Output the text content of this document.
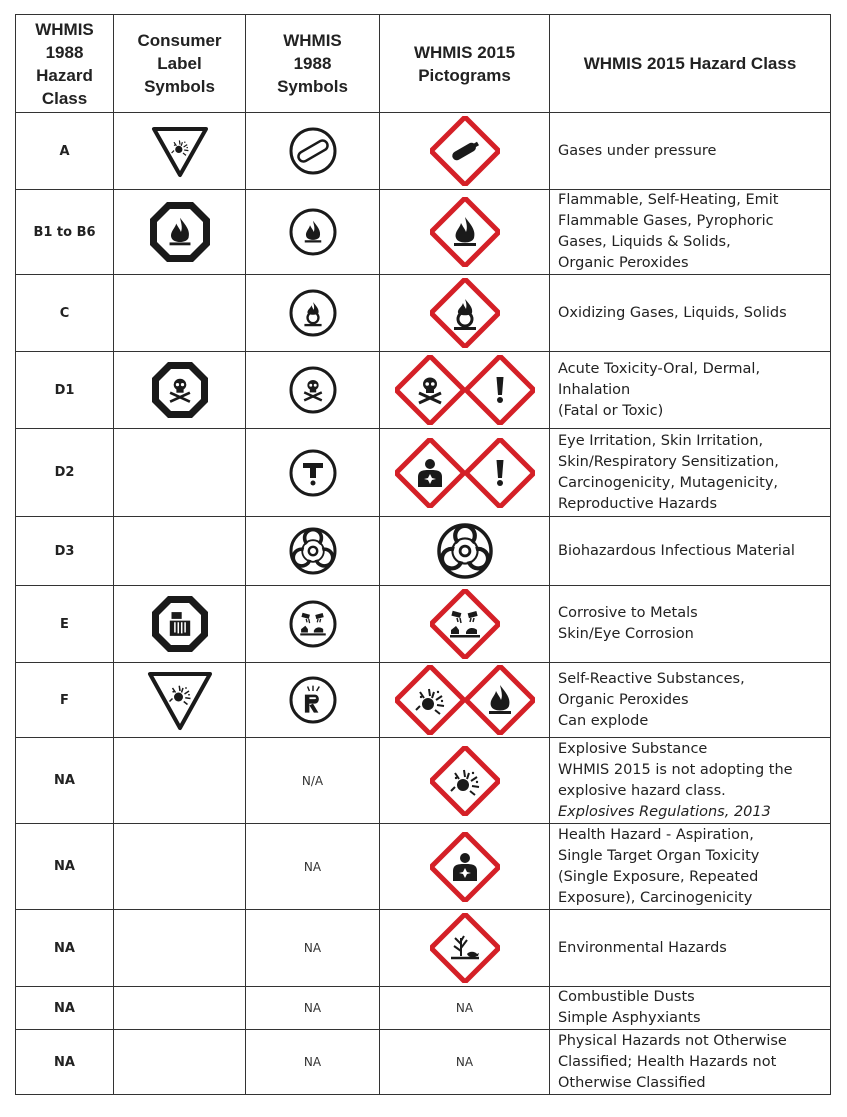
WHMIS
1988
Hazard
Class	Consumer
Label
Symbols	WHMIS
1988
Symbols	WHMIS 2015
Pictograms	WHMIS 2015 Hazard Class

A				Gases under pressure

B1 to B6				Flammable, Self-Heating, Emit
Flammable Gases, Pyrophoric
Gases, Liquids & Solids,
Organic Peroxides

C				Oxidizing Gases, Liquids, Solids

D1				Acute Toxicity-Oral, Dermal,
Inhalation
(Fatal or Toxic)

D2				Eye Irritation, Skin Irritation,
Skin/Respiratory Sensitization,
Carcinogenicity, Mutagenicity,
Reproductive Hazards

D3				Biohazardous Infectious Material

E				Corrosive to Metals
Skin/Eye Corrosion

F				Self-Reactive Substances,
Organic Peroxides
Can explode

NA		N/A		Explosive Substance
WHMIS 2015 is not adopting the
explosive hazard class.
Explosives Regulations, 2013

NA		NA		Health Hazard - Aspiration,
Single Target Organ Toxicity
(Single Exposure, Repeated
Exposure), Carcinogenicity

NA		NA		Environmental Hazards

NA		NA	NA	Combustible Dusts
Simple Asphyxiants

NA		NA	NA	Physical Hazards not Otherwise
Classified; Health Hazards not
Otherwise Classified
